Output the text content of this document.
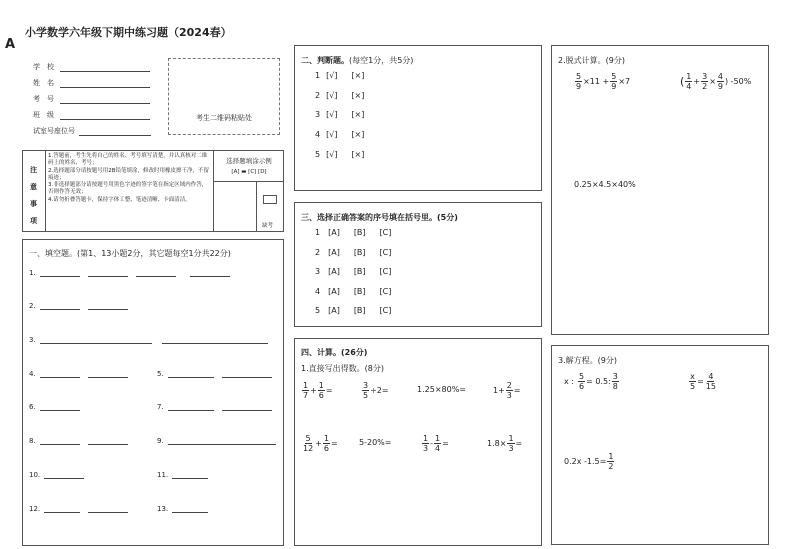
A
小学数学六年级下期中练习题（2024春）
学　校
姓　名
考　号
班　级
试室号座位号
考生二维码粘贴处
注
意
事
项
1.答题前，考生先将自己的姓名、考号填写清楚，并认真核对二维码上的姓名、考号；
2.选择题部分请按题号用2B铅笔填涂，修改时用橡皮擦干净，不留痕迹；
3.非选择题部分请按题号用黑色字迹的签字笔在指定区域内作答，否则作答无效；
4.请勿折叠答题卡，保持字体工整、笔迹清晰、卡面清洁。
选择题填涂示例
[A] ▬ [C] [D]
缺考
一、填空题。(第1、13小题2分，其它题每空1分共22分)
1.
2.
3.
4.
6.
8.
10.
12.
5.
7.
9.
11.
13.
二、判断题。(每空1分，共5分)
1 [√] [×]
2 [√] [×]
3 [√] [×]
4 [√] [×]
5 [√] [×]
三、选择正确答案的序号填在括号里。(5分)
1 [A] [B] [C]
2 [A] [B] [C]
3 [A] [B] [C]
4 [A] [B] [C]
5 [A] [B] [C]
四、计算。(26分)
1.直接写出得数。(8分)
$\frac{1}{7} + \frac{1}{6}$ =	$\frac{3}{5} \div 2=$	1.25×80%=	$1+ \frac{2}{3}$ =
$\frac{5}{12} + \frac{1}{6}$ =	5-20%=	$\frac{1}{3} - \frac{1}{4}$ =	$1.8\times \frac{1}{3}$ =
2.脱式计算。(9分)
$\frac{5}{9} \times 11 + \frac{5}{9} \times 7$	( $\frac{1}{4} + \frac{3}{2} \times \frac{4}{9}$ ) -50%
0.25×4.5×40%
3.解方程。(9分)
x : $\frac{5}{6} = 0.5$: $\frac{3}{8}$	$\frac{x}{5} = \frac{4}{15}$
0.2x $-1.5= \frac{1}{2}$
